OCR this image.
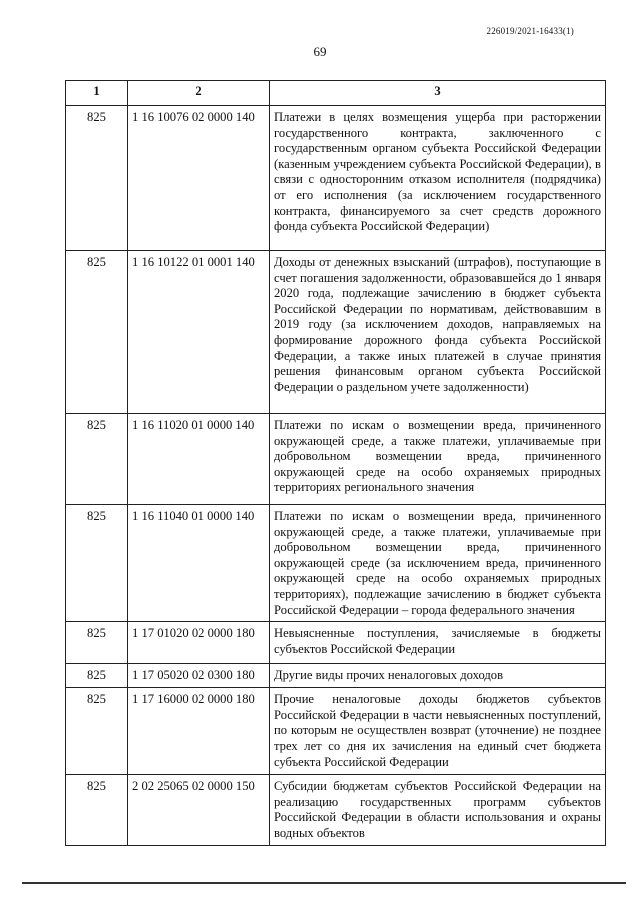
226019/2021-16433(1)
69
1	2	3
825	1 16 10076 02 0000 140	Платежи в целях возмещения ущерба при расторжении государственного контракта, заключенного с государственным органом субъекта Российской Федерации (казенным учреждением субъекта Российской Федерации), в связи с односторонним отказом исполнителя (подрядчика) от его исполнения (за исключением государственного контракта, финансируемого за счет средств дорожного фонда субъекта Российской Федерации)
825	1 16 10122 01 0001 140	Доходы от денежных взысканий (штрафов), поступающие в счет погашения задолженности, образовавшейся до 1 января 2020 года, подлежащие зачислению в бюджет субъекта Российской Федерации по нормативам, действовавшим в 2019 году (за исключением доходов, направляемых на формирование дорожного фонда субъекта Российской Федерации, а также иных платежей в случае принятия решения финансовым органом субъекта Российской Федерации о раздельном учете задолженности)
825	1 16 11020 01 0000 140	Платежи по искам о возмещении вреда, причиненного окружающей среде, а также платежи, уплачиваемые при добровольном возмещении вреда, причиненного окружающей среде на особо охраняемых природных территориях регионального значения
825	1 16 11040 01 0000 140	Платежи по искам о возмещении вреда, причиненного окружающей среде, а также платежи, уплачиваемые при добровольном возмещении вреда, причиненного окружающей среде (за исключением вреда, причиненного окружающей среде на особо охраняемых природных территориях), подлежащие зачислению в бюджет субъекта Российской Федерации – города федерального значения
825	1 17 01020 02 0000 180	Невыясненные поступления, зачисляемые в бюджеты субъектов Российской Федерации
825	1 17 05020 02 0300 180	Другие виды прочих неналоговых доходов
825	1 17 16000 02 0000 180	Прочие неналоговые доходы бюджетов субъектов Российской Федерации в части невыясненных поступлений, по которым не осуществлен возврат (уточнение) не позднее трех лет со дня их зачисления на единый счет бюджета субъекта Российской Федерации
825	2 02 25065 02 0000 150	Субсидии бюджетам субъектов Российской Федерации на реализацию государственных программ субъектов Российской Федерации в области использования и охраны водных объектов
